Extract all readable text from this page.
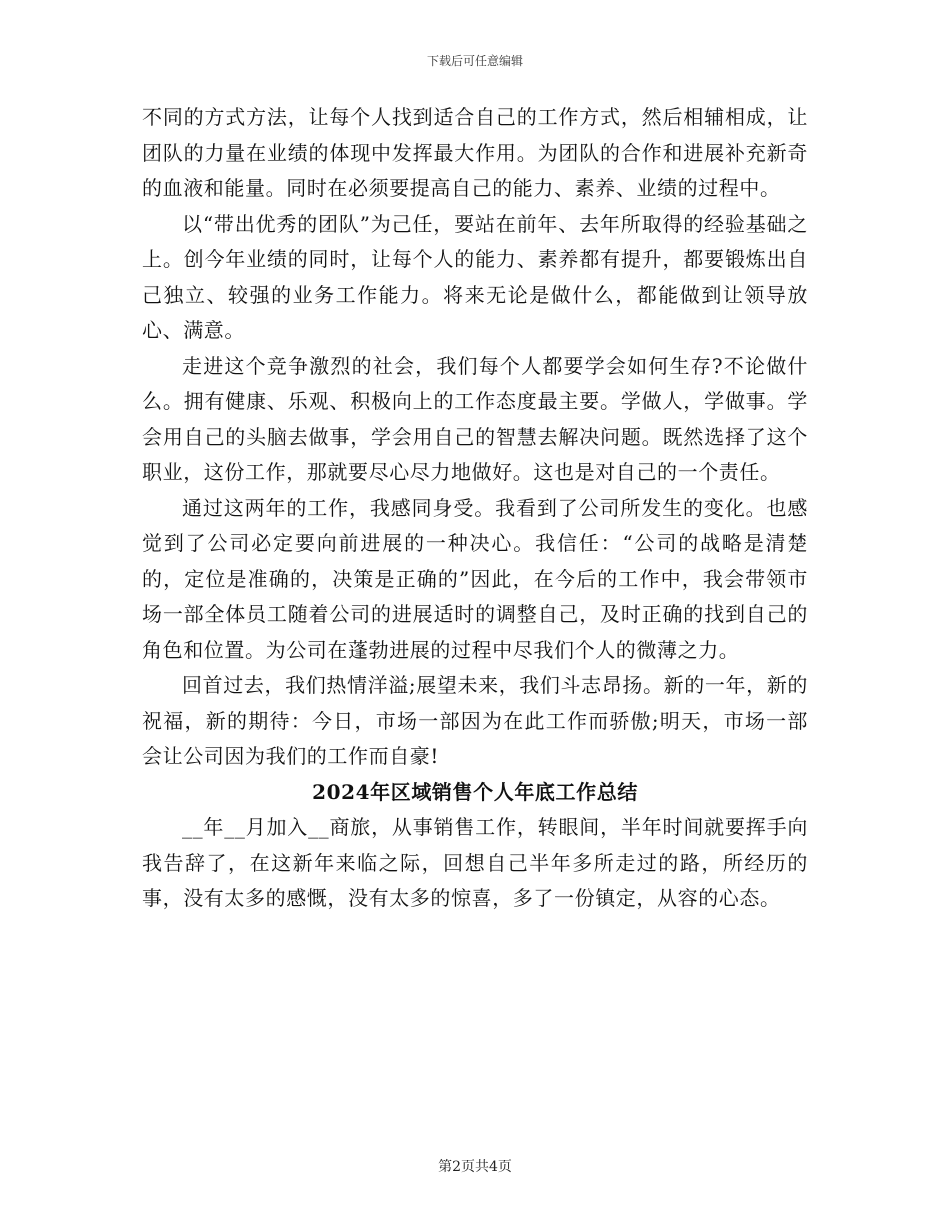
下载后可任意编辑

不同的方式方法，让每个人找到适合自己的工作方式，然后相辅相成，让团队的力量在业绩的体现中发挥最大作用。为团队的合作和进展补充新奇的血液和能量。同时在必须要提高自己的能力、素养、业绩的过程中。

以“带出优秀的团队”为己任，要站在前年、去年所取得的经验基础之上。创今年业绩的同时，让每个人的能力、素养都有提升，都要锻炼出自己独立、较强的业务工作能力。将来无论是做什么，都能做到让领导放心、满意。

走进这个竞争激烈的社会，我们每个人都要学会如何生存?不论做什么。拥有健康、乐观、积极向上的工作态度最主要。学做人，学做事。学会用自己的头脑去做事，学会用自己的智慧去解决问题。既然选择了这个职业，这份工作，那就要尽心尽力地做好。这也是对自己的一个责任。

通过这两年的工作，我感同身受。我看到了公司所发生的变化。也感觉到了公司必定要向前进展的一种决心。我信任：“公司的战略是清楚的，定位是准确的，决策是正确的”因此，在今后的工作中，我会带领市场一部全体员工随着公司的进展适时的调整自己，及时正确的找到自己的角色和位置。为公司在蓬勃进展的过程中尽我们个人的微薄之力。

回首过去，我们热情洋溢;展望未来，我们斗志昂扬。新的一年，新的祝福，新的期待：今日，市场一部因为在此工作而骄傲;明天，市场一部会让公司因为我们的工作而自豪!

2024年区域销售个人年底工作总结

__年__月加入__商旅，从事销售工作，转眼间，半年时间就要挥手向我告辞了，在这新年来临之际，回想自己半年多所走过的路，所经历的事，没有太多的感慨，没有太多的惊喜，多了一份镇定，从容的心态。

第2页共4页
